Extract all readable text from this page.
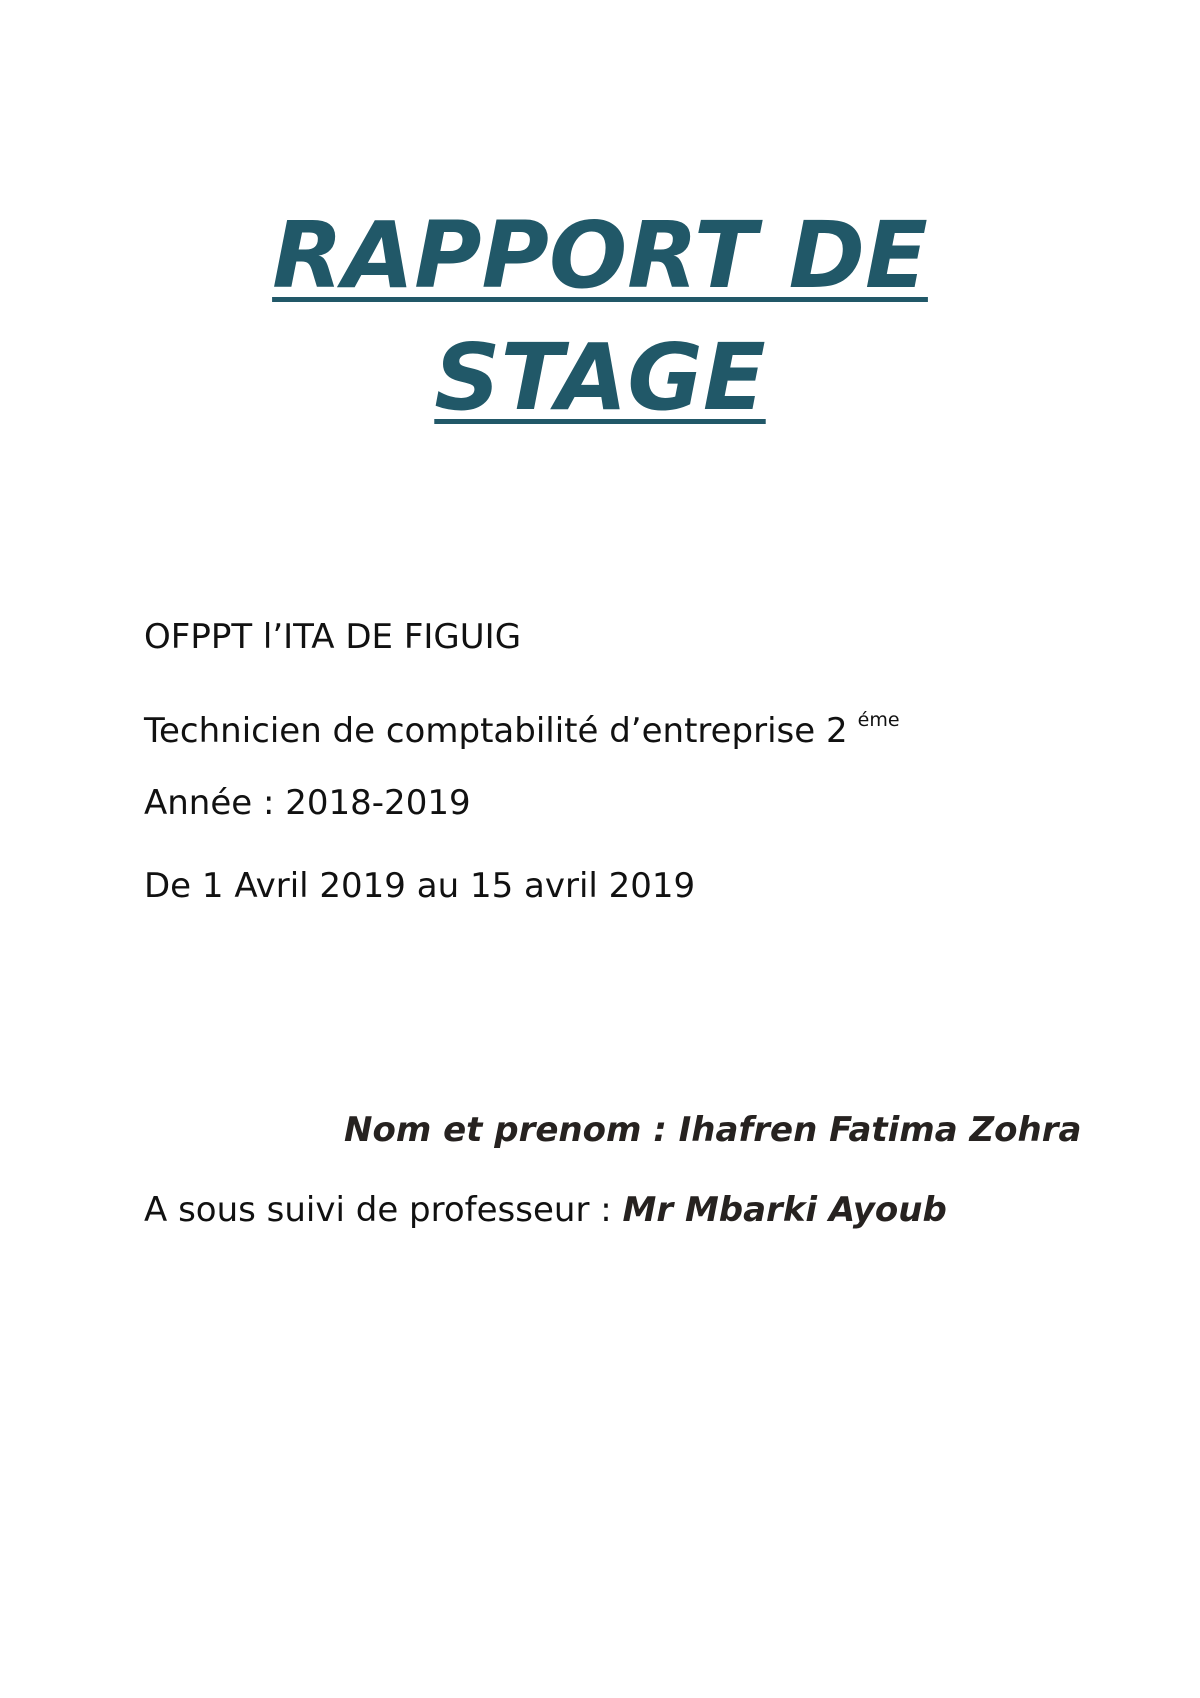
RAPPORT DE
STAGE
OFPPT l’ITA DE FIGUIG
Technicien de comptabilité d’entreprise 2 $^{éme}$
Année : 2018-2019
De 1 Avril 2019 au 15 avril 2019
Nom et prenom : Ihafren Fatima Zohra
A sous suivi de professeur : Mr Mbarki Ayoub
